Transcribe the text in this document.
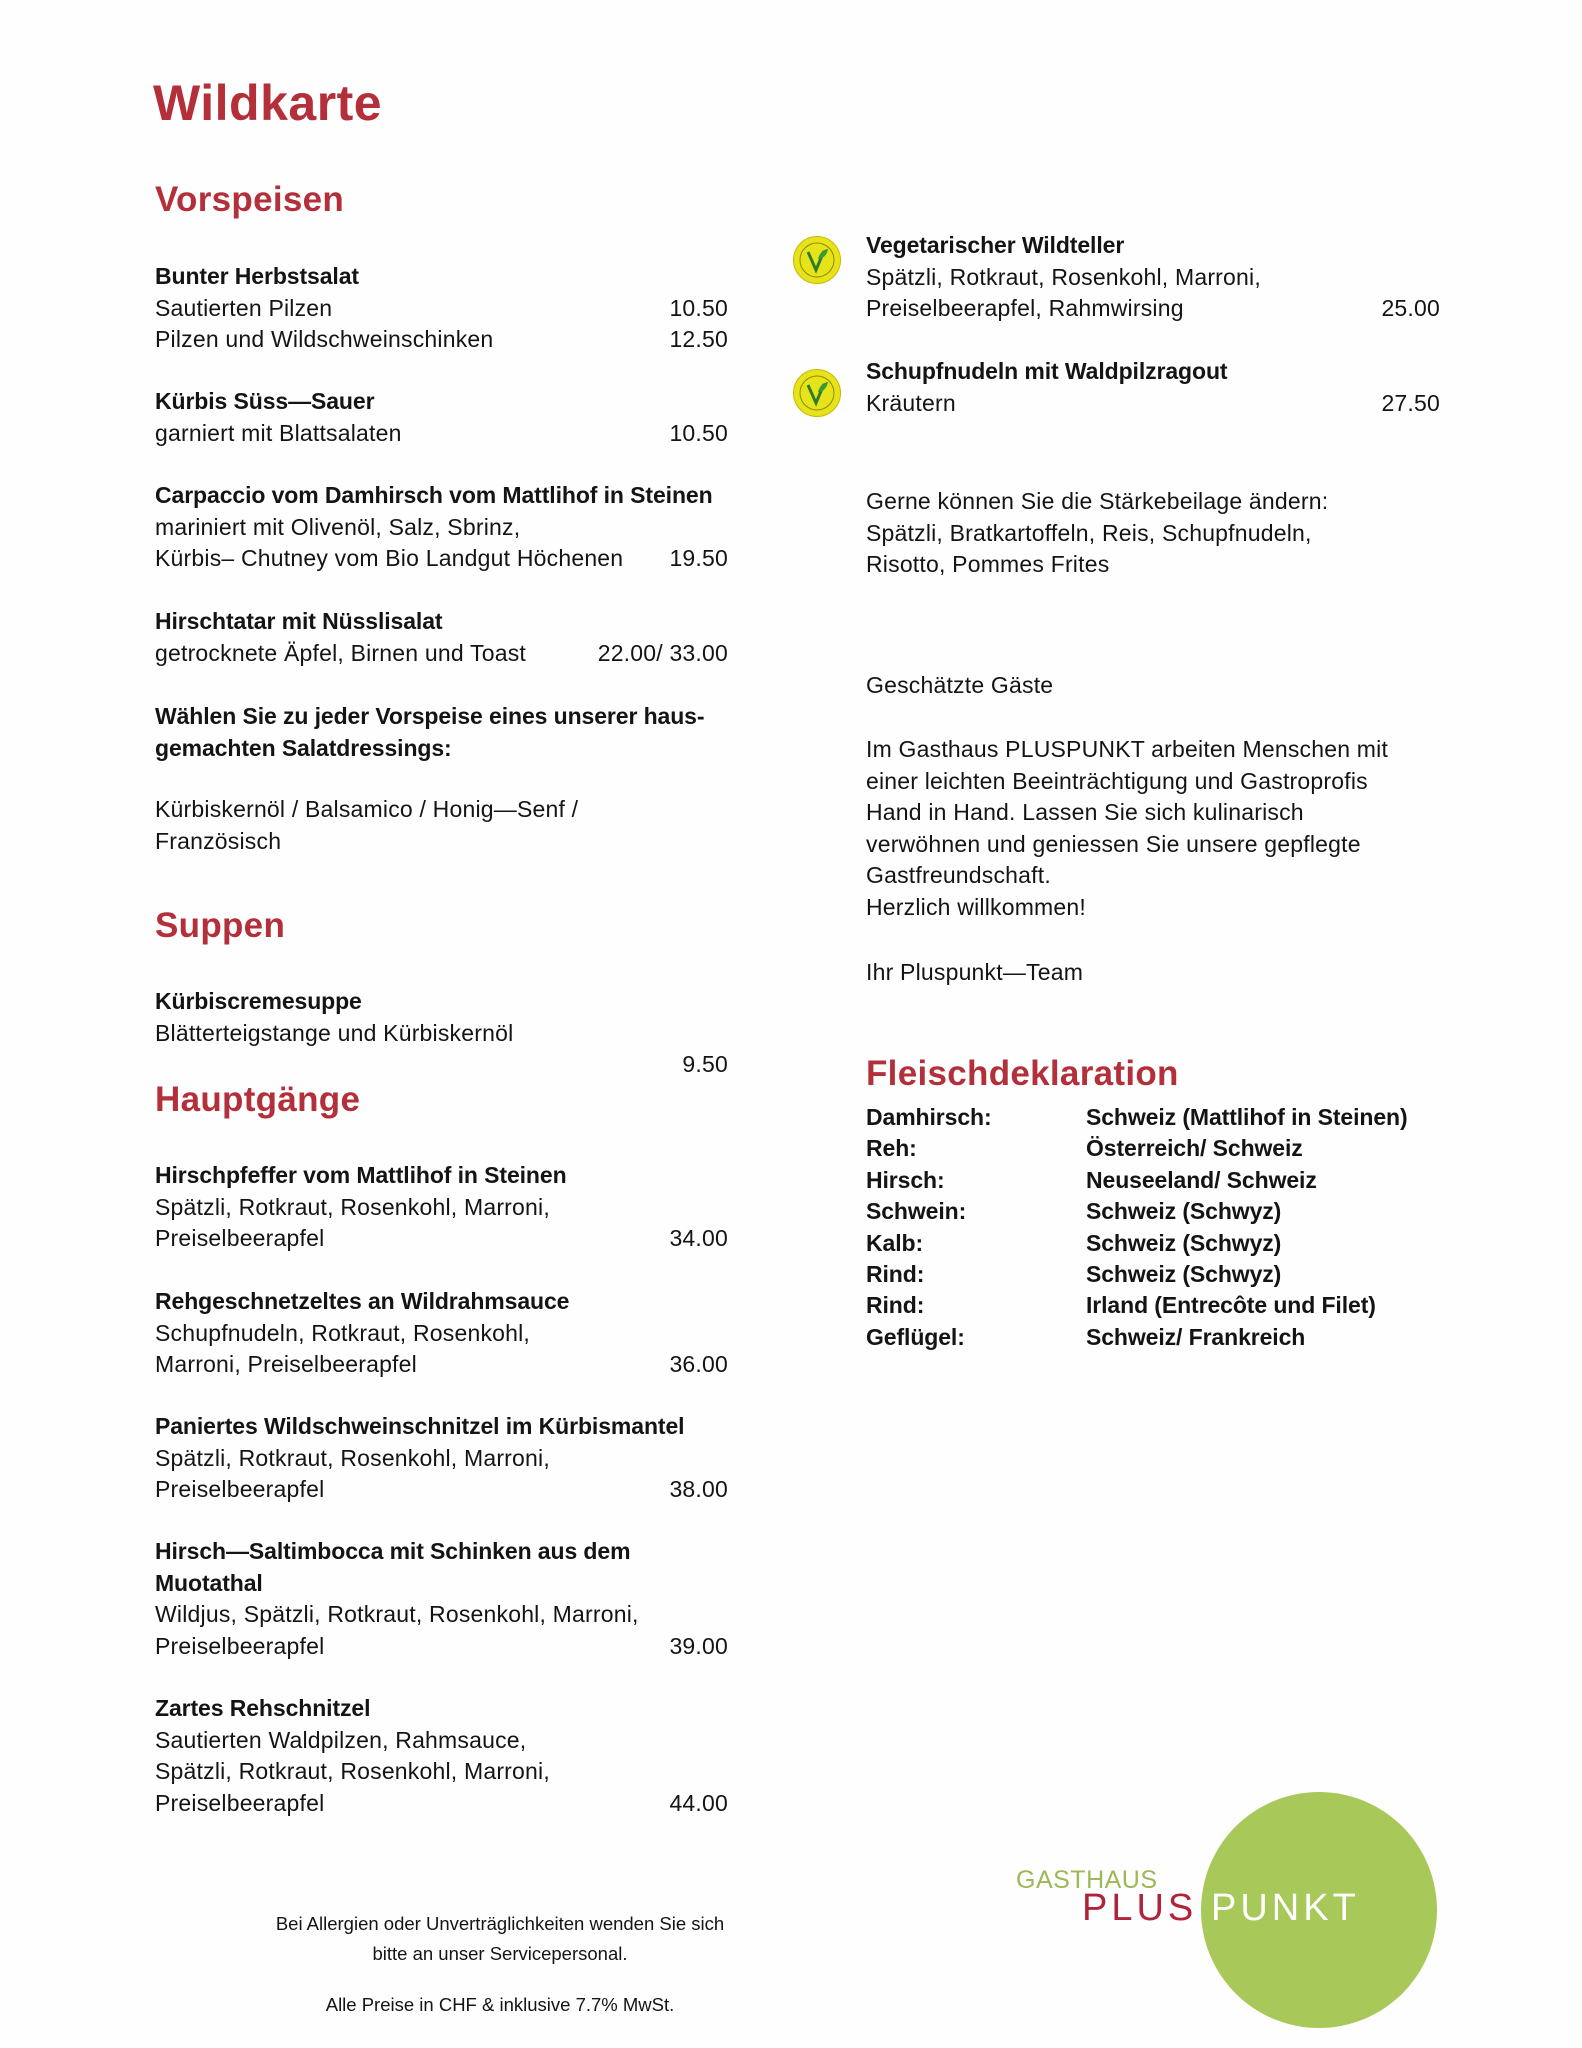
Wildkarte
Vorspeisen
Bunter Herbstsalat
Sautierten Pilzen	10.50
Pilzen und Wildschweinschinken	12.50
Kürbis Süss—Sauer
garniert mit Blattsalaten	10.50
Carpaccio vom Damhirsch vom Mattlihof in Steinen
mariniert mit Olivenöl, Salz, Sbrinz,
Kürbis– Chutney vom Bio Landgut Höchenen 19.50
Hirschtatar mit Nüsslisalat
getrocknete Äpfel, Birnen und Toast	22.00/ 33.00
Wählen Sie zu jeder Vorspeise eines unserer haus-
gemachten Salatdressings:
Kürbiskernöl / Balsamico / Honig—Senf /
Französisch
Suppen
Kürbiscremesuppe
Blätterteigstange und Kürbiskernöl

9.50
Hauptgänge
Hirschpfeffer vom Mattlihof in Steinen
Spätzli, Rotkraut, Rosenkohl, Marroni,
Preiselbeerapfel	34.00
Rehgeschnetzeltes an Wildrahmsauce
Schupfnudeln, Rotkraut, Rosenkohl,
Marroni, Preiselbeerapfel	36.00
Paniertes Wildschweinschnitzel im Kürbismantel
Spätzli, Rotkraut, Rosenkohl, Marroni,
Preiselbeerapfel	38.00
Hirsch—Saltimbocca mit Schinken aus dem
Muotathal
Wildjus, Spätzli, Rotkraut, Rosenkohl, Marroni,
Preiselbeerapfel	39.00
Zartes Rehschnitzel
Sautierten Waldpilzen, Rahmsauce,
Spätzli, Rotkraut, Rosenkohl, Marroni,
Preiselbeerapfel	44.00
Vegetarischer Wildteller
Spätzli, Rotkraut, Rosenkohl, Marroni,
Preiselbeerapfel, Rahmwirsing	25.00
Schupfnudeln mit Waldpilzragout
Kräutern	27.50
Gerne können Sie die Stärkebeilage ändern:
Spätzli, Bratkartoffeln, Reis, Schupfnudeln,
Risotto, Pommes Frites
Geschätzte Gäste
Im Gasthaus PLUSPUNKT arbeiten Menschen mit
einer leichten Beeinträchtigung und Gastroprofis
Hand in Hand. Lassen Sie sich kulinarisch
verwöhnen und geniessen Sie unsere gepflegte
Gastfreundschaft.
Herzlich willkommen!
Ihr Pluspunkt—Team
Fleischdeklaration
Damhirsch:	Schweiz (Mattlihof in Steinen)
Reh:	Österreich/ Schweiz
Hirsch:	Neuseeland/ Schweiz
Schwein:	Schweiz (Schwyz)
Kalb:	Schweiz (Schwyz)
Rind:	Schweiz (Schwyz)
Rind:	Irland (Entrecôte und Filet)
Geflügel:	Schweiz/ Frankreich
Bei Allergien oder Unverträglichkeiten wenden Sie sich
bitte an unser Servicepersonal.
Alle Preise in CHF & inklusive 7.7% MwSt.
GASTHAUS
PLUS PUNKT
